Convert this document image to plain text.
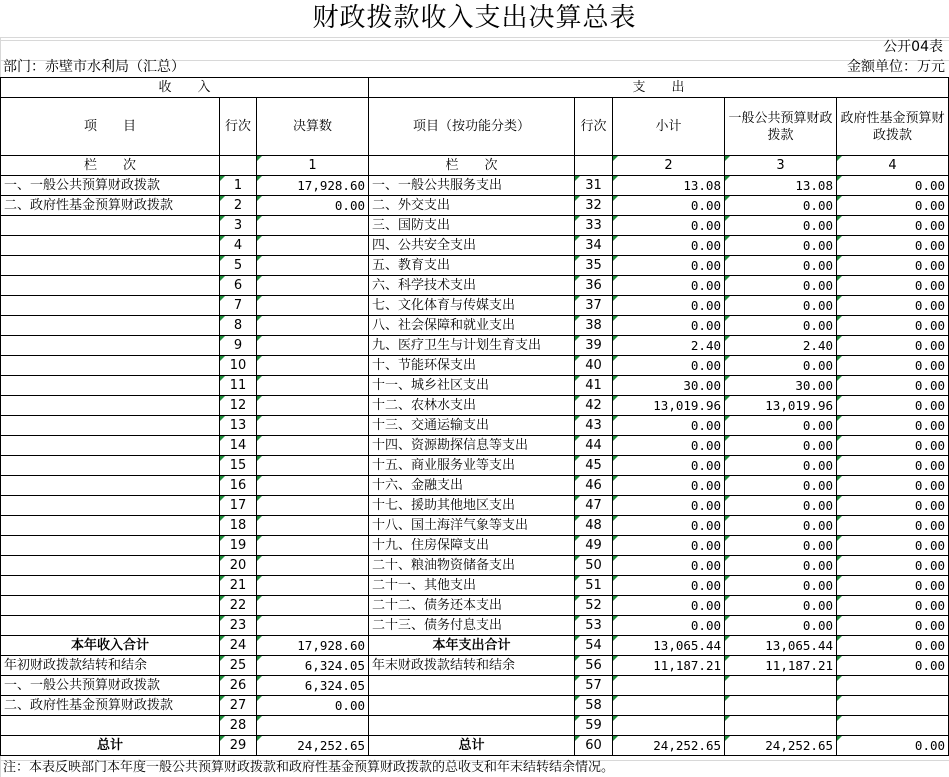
财政拨款收入支出决算总表
公开04表
部门：赤壁市水利局（汇总）	金额单位：万元
收　　入			支　　出				
项　　目	行次	决算数	项目（按功能分类）	行次	小计	一般公共预算财政拨款	政府性基金预算财政拨款
栏　　次		1	栏　　次		2	3	4
一、一般公共预算财政拨款	1	17,928.60	一、一般公共服务支出	31	13.08	13.08	0.00
二、政府性基金预算财政拨款	2	0.00	二、外交支出	32	0.00	0.00	0.00
	3		三、国防支出	33	0.00	0.00	0.00
	4		四、公共安全支出	34	0.00	0.00	0.00
	5		五、教育支出	35	0.00	0.00	0.00
	6		六、科学技术支出	36	0.00	0.00	0.00
	7		七、文化体育与传媒支出	37	0.00	0.00	0.00
	8		八、社会保障和就业支出	38	0.00	0.00	0.00
	9		九、医疗卫生与计划生育支出	39	2.40	2.40	0.00
	10		十、节能环保支出	40	0.00	0.00	0.00
	11		十一、城乡社区支出	41	30.00	30.00	0.00
	12		十二、农林水支出	42	13,019.96	13,019.96	0.00
	13		十三、交通运输支出	43	0.00	0.00	0.00
	14		十四、资源勘探信息等支出	44	0.00	0.00	0.00
	15		十五、商业服务业等支出	45	0.00	0.00	0.00
	16		十六、金融支出	46	0.00	0.00	0.00
	17		十七、援助其他地区支出	47	0.00	0.00	0.00
	18		十八、国土海洋气象等支出	48	0.00	0.00	0.00
	19		十九、住房保障支出	49	0.00	0.00	0.00
	20		二十、粮油物资储备支出	50	0.00	0.00	0.00
	21		二十一、其他支出	51	0.00	0.00	0.00
	22		二十二、债务还本支出	52	0.00	0.00	0.00
	23		二十三、债务付息支出	53	0.00	0.00	0.00
本年收入合计	24	17,928.60	本年支出合计	54	13,065.44	13,065.44	0.00
年初财政拨款结转和结余	25	6,324.05	年末财政拨款结转和结余	56	11,187.21	11,187.21	0.00
一、一般公共预算财政拨款	26	6,324.05		57			
二、政府性基金预算财政拨款	27	0.00		58			
	28			59			
总计	29	24,252.65	总计	60	24,252.65	24,252.65	0.00
注：本表反映部门本年度一般公共预算财政拨款和政府性基金预算财政拨款的总收支和年末结转结余情况。
